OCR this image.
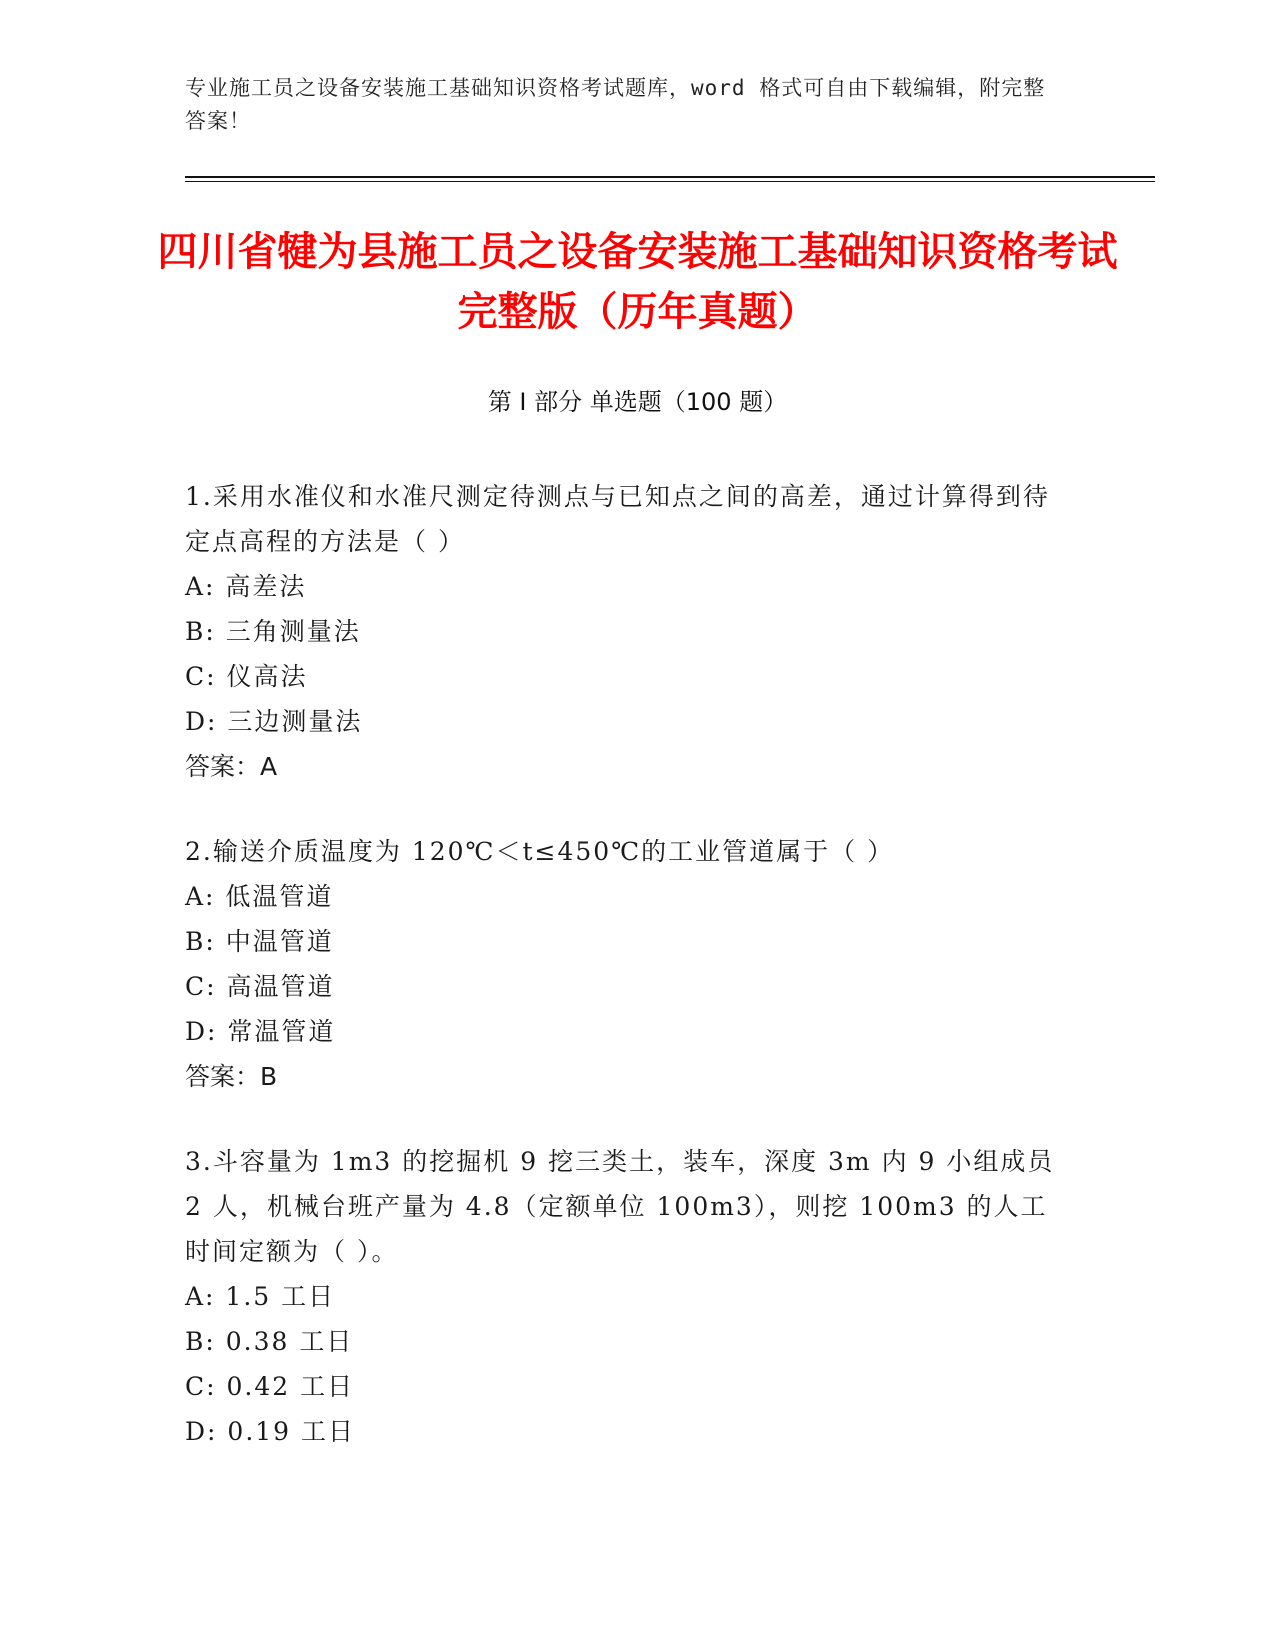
专业施工员之设备安装施工基础知识资格考试题库，word 格式可自由下载编辑，附完整答案！
四川省犍为县施工员之设备安装施工基础知识资格考试完整版（历年真题）
第 I 部分 单选题（100 题）

1.采用水准仪和水准尺测定待测点与已知点之间的高差，通过计算得到待定点高程的方法是（ ）

A: 高差法

B: 三角测量法

C: 仪高法

D: 三边测量法

答案：A

2.输送介质温度为 120℃＜t≤450℃的工业管道属于（ ）

A: 低温管道

B: 中温管道

C: 高温管道

D: 常温管道

答案：B

3.斗容量为 1m3 的挖掘机 9 挖三类土，装车，深度 3m 内 9 小组成员 2 人，机械台班产量为 4.8（定额单位 100m3），则挖 100m3 的人工时间定额为（ ）。

A: 1.5 工日

B: 0.38 工日

C: 0.42 工日

D: 0.19 工日
